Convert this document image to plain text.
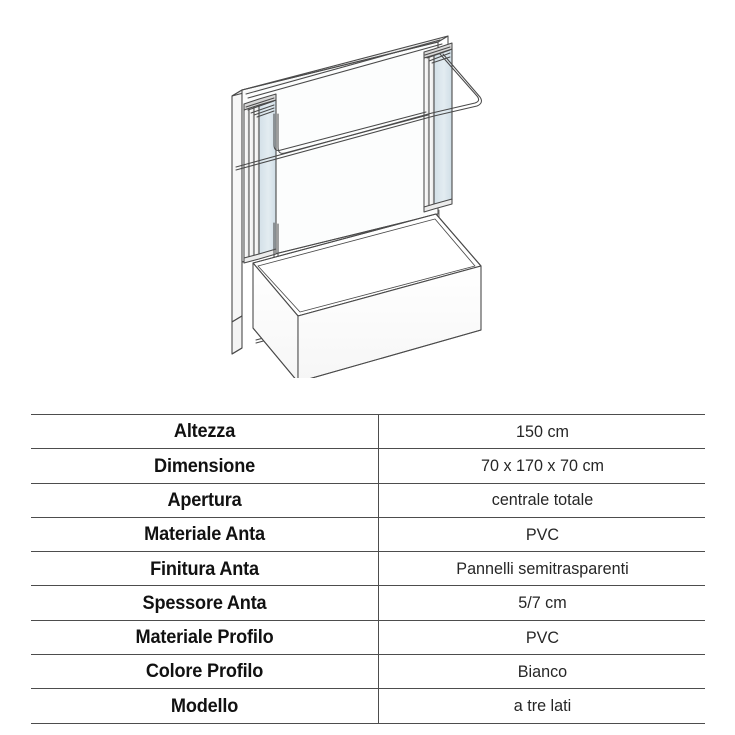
Altezza	150 cm
Dimensione	70 x 170 x 70 cm
Apertura	centrale totale
Materiale Anta	PVC
Finitura Anta	Pannelli semitrasparenti
Spessore Anta	5/7 cm
Materiale Profilo	PVC
Colore Profilo	Bianco
Modello	a tre lati
